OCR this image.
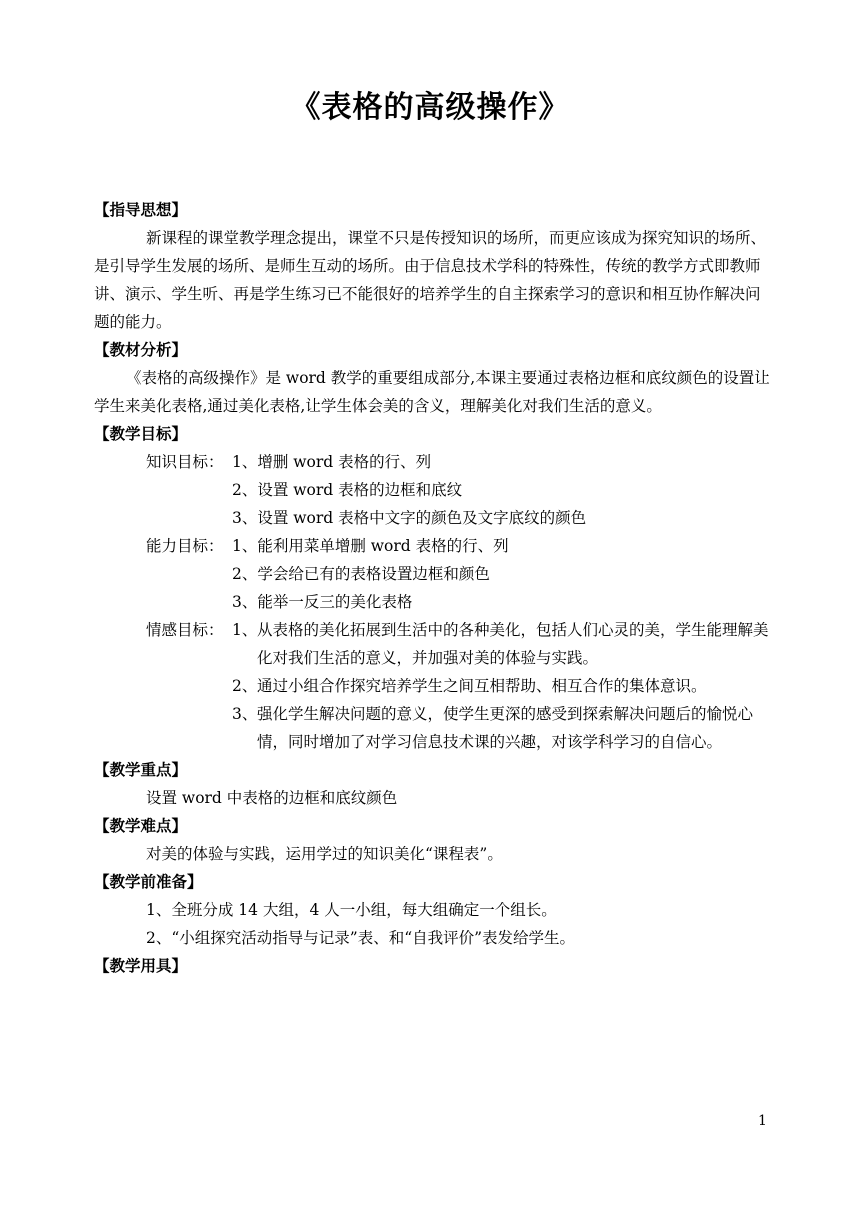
《表格的高级操作》

【指导思想】

新课程的课堂教学理念提出，课堂不只是传授知识的场所，而更应该成为探究知识的场所、是引导学生发展的场所、是师生互动的场所。由于信息技术学科的特殊性，传统的教学方式即教师讲、演示、学生听、再是学生练习已不能很好的培养学生的自主探索学习的意识和相互协作解决问题的能力。

【教材分析】

《表格的高级操作》是 word 教学的重要组成部分,本课主要通过表格边框和底纹颜色的设置让学生来美化表格,通过美化表格,让学生体会美的含义，理解美化对我们生活的意义。

【教学目标】

知识目标： 1、增删 word 表格的行、列
2、设置 word 表格的边框和底纹
3、设置 word 表格中文字的颜色及文字底纹的颜色
能力目标： 1、能利用菜单增删 word 表格的行、列
2、学会给已有的表格设置边框和颜色
3、能举一反三的美化表格
情感目标： 1、 从表格的美化拓展到生活中的各种美化，包括人们心灵的美，学生能理解美化对我们生活的意义，并加强对美的体验与实践。
2、 通过小组合作探究培养学生之间互相帮助、相互合作的集体意识。
3、 强化学生解决问题的意义，使学生更深的感受到探索解决问题后的愉悦心情，同时增加了对学习信息技术课的兴趣，对该学科学习的自信心。

【教学重点】

设置 word 中表格的边框和底纹颜色

【教学难点】

对美的体验与实践，运用学过的知识美化“课程表”。

【教学前准备】

1、全班分成 14 大组，4 人一小组，每大组确定一个组长。

2、“小组探究活动指导与记录”表、和“自我评价”表发给学生。

【教学用具】

1
